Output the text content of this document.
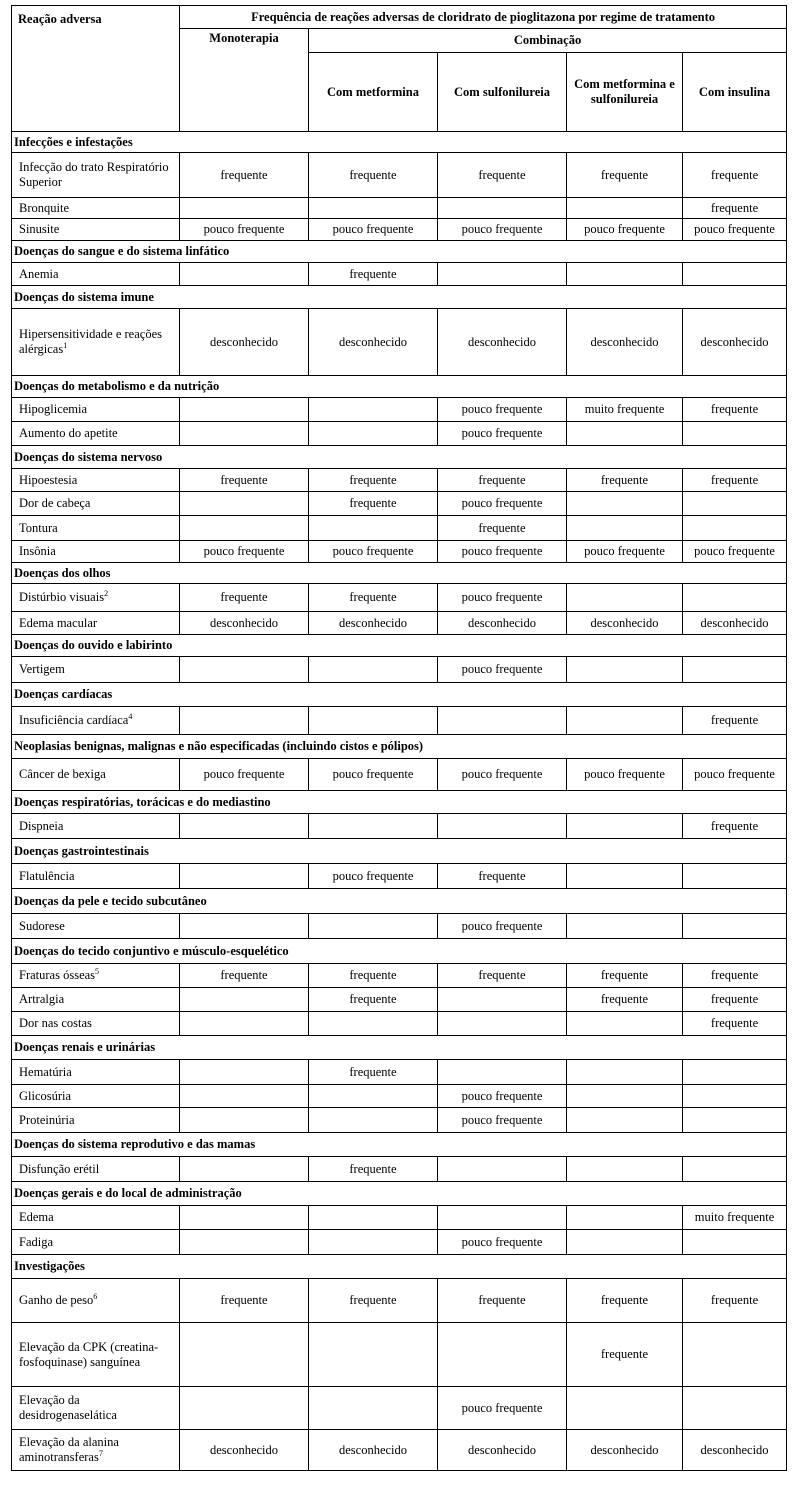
Reação adversa	Frequência de reações adversas de cloridrato de pioglitazona por regime de tratamento				
	Monoterapia	Combinação			
		Com metformina	Com sulfonilureia	Com metformina e sulfonilureia	Com insulina
Infecções e infestações					
Infecção do trato Respiratório Superior	frequente	frequente	frequente	frequente	frequente
Bronquite					frequente
Sinusite	pouco frequente	pouco frequente	pouco frequente	pouco frequente	pouco frequente
Doenças do sangue e do sistema linfático					
Anemia		frequente			
Doenças do sistema imune					
Hipersensitividade e reações alérgicas$^1$	desconhecido	desconhecido	desconhecido	desconhecido	desconhecido
Doenças do metabolismo e da nutrição					
Hipoglicemia			pouco frequente	muito frequente	frequente
Aumento do apetite			pouco frequente		
Doenças do sistema nervoso					
Hipoestesia	frequente	frequente	frequente	frequente	frequente
Dor de cabeça		frequente	pouco frequente		
Tontura			frequente		
Insônia	pouco frequente	pouco frequente	pouco frequente	pouco frequente	pouco frequente
Doenças dos olhos					
Distúrbio visuais$^2$	frequente	frequente	pouco frequente		
Edema macular	desconhecido	desconhecido	desconhecido	desconhecido	desconhecido
Doenças do ouvido e labirinto					
Vertigem			pouco frequente		
Doenças cardíacas					
Insuficiência cardíaca$^4$					frequente
Neoplasias benignas, malignas e não especificadas (incluindo cistos e pólipos)					
Câncer de bexiga	pouco frequente	pouco frequente	pouco frequente	pouco frequente	pouco frequente
Doenças respiratórias, torácicas e do mediastino					
Dispneia					frequente
Doenças gastrointestinais					
Flatulência		pouco frequente	frequente		
Doenças da pele e tecido subcutâneo					
Sudorese			pouco frequente		
Doenças do tecido conjuntivo e músculo-esquelético					
Fraturas ósseas$^5$	frequente	frequente	frequente	frequente	frequente
Artralgia		frequente		frequente	frequente
Dor nas costas					frequente
Doenças renais e urinárias					
Hematúria		frequente			
Glicosúria			pouco frequente		
Proteinúria			pouco frequente		
Doenças do sistema reprodutivo e das mamas					
Disfunção erétil		frequente			
Doenças gerais e do local de administração					
Edema					muito frequente
Fadiga			pouco frequente		
Investigações					
Ganho de peso$^6$	frequente	frequente	frequente	frequente	frequente
Elevação da CPK (creatina-fosfoquinase) sanguínea				frequente	
Elevação da desidrogenaselática			pouco frequente		
Elevação da alanina aminotransferas$^7$	desconhecido	desconhecido	desconhecido	desconhecido	desconhecido
